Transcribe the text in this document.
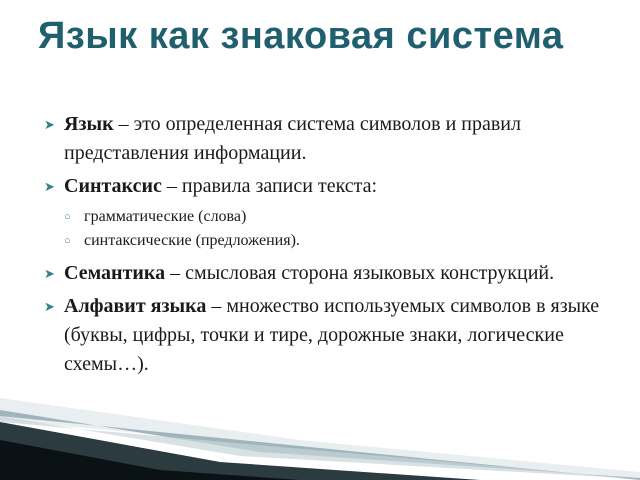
Язык как знаковая система

➤ Язык – это определенная система символов и правил представления информации.

➤ Синтаксис – правила записи текста:

○ грамматические (слова)
○ синтаксические (предложения).

➤ Семантика – смысловая сторона языковых конструкций.

➤ Алфавит языка – множество используемых символов в языке (буквы, цифры, точки и тире, дорожные знаки, логические схемы…).
